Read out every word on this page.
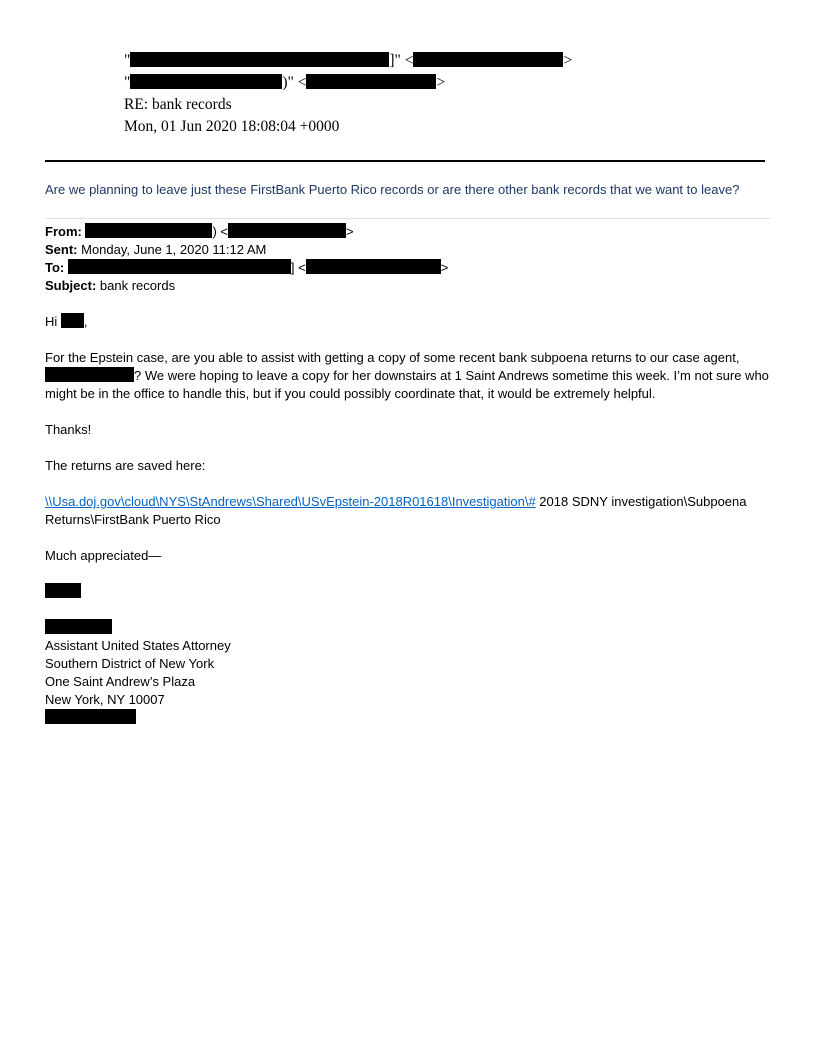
"	]" <	>
"	)" <	>
RE: bank records
Mon, 01 Jun 2020 18:08:04 +0000
Are we planning to leave just these FirstBank Puerto Rico records or are there other bank records that we want to leave?

From:	) <	>

Sent: Monday, June 1, 2020 11:12 AM

To:	] <	>

Subject: bank records

Hi ,

For the Epstein case, are you able to assist with getting a copy of some recent bank subpoena returns to our case agent, ? We were hoping to leave a copy for her downstairs at 1 Saint Andrews sometime this week. I’m not sure who might be in the office to handle this, but if you could possibly coordinate that, it would be extremely helpful.

Thanks!

The returns are saved here:

\\Usa.doj.gov\cloud\NYS\StAndrews\Shared\USvEpstein-2018R01618\Investigation\# 2018 SDNY investigation\Subpoena Returns\FirstBank Puerto Rico

Much appreciated—

Assistant United States Attorney

Southern District of New York

One Saint Andrew’s Plaza

New York, NY 10007
